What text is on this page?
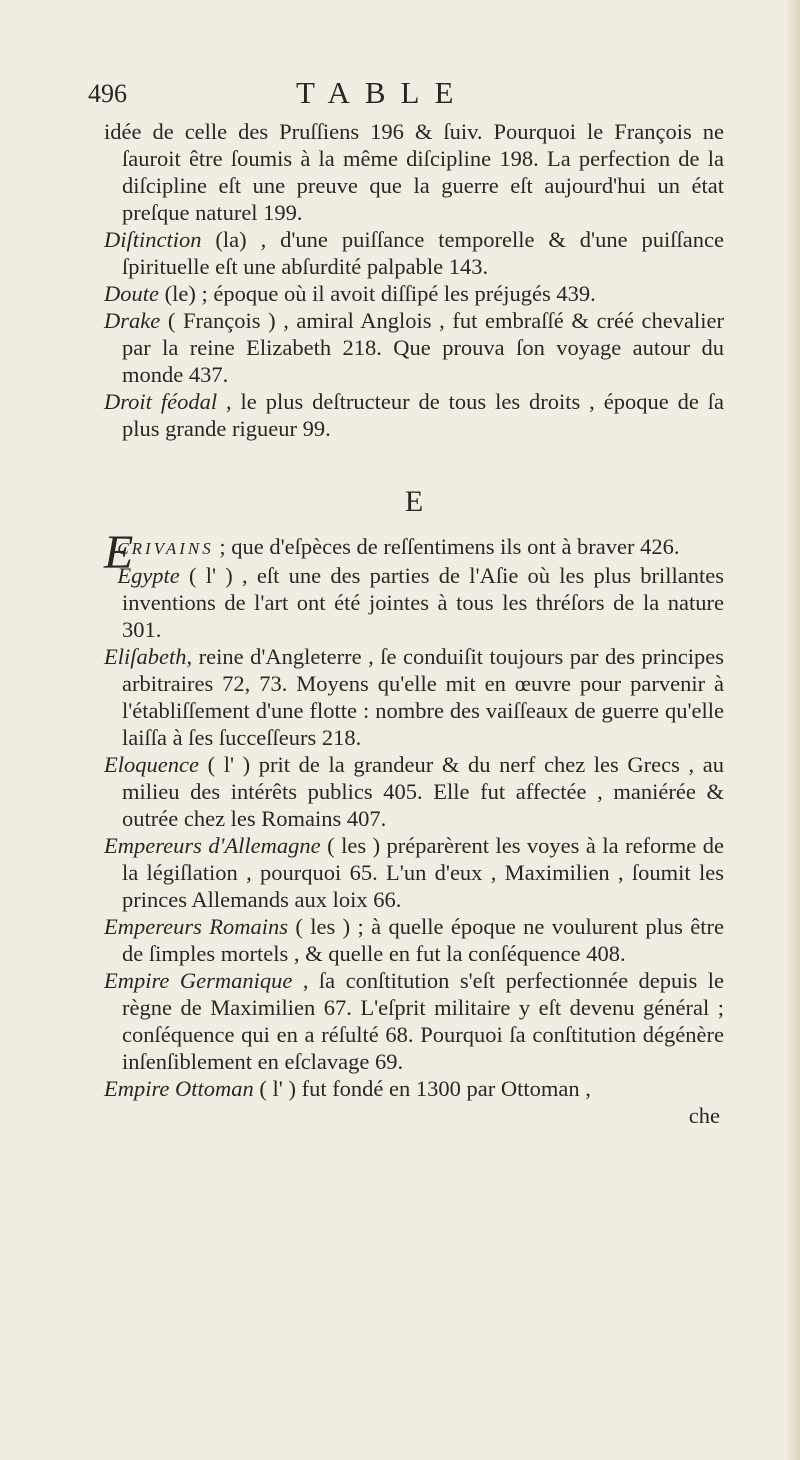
496	TABLE
idée de celle des Pruſſiens 196 & ſuiv. Pourquoi le François ne ſauroit être ſoumis à la même diſcipline 198. La perfection de la diſcipline eſt une preuve que la guerre eſt aujourd'hui un état preſque naturel 199.
Diſtinction (la) , d'une puiſſance temporelle & d'une puiſſance ſpirituelle eſt une abſurdité palpable 143.
Doute (le) ; époque où il avoit diſſipé les préjugés 439.
Drake ( François ) , amiral Anglois , fut embraſſé & créé chevalier par la reine Elizabeth 218. Que prouva ſon voyage autour du monde 437.
Droit féodal , le plus deſtructeur de tous les droits , époque de ſa plus grande rigueur 99.
E
E
CRIVAINS ; que d'eſpèces de reſſentimens ils ont à braver 426.
Egypte ( l' ) , eſt une des parties de l'Aſie où les plus brillantes inventions de l'art ont été jointes à tous les thréſors de la nature 301.
Eliſabeth, reine d'Angleterre , ſe conduiſit toujours par des principes arbitraires 72, 73. Moyens qu'elle mit en œuvre pour parvenir à l'établiſſement d'une flotte : nombre des vaiſſeaux de guerre qu'elle laiſſa à ſes ſucceſſeurs 218.
Eloquence ( l' ) prit de la grandeur & du nerf chez les Grecs , au milieu des intérêts publics 405. Elle fut affectée , maniérée & outrée chez les Romains 407.
Empereurs d'Allemagne ( les ) préparèrent les voyes à la reforme de la légiſlation , pourquoi 65. L'un d'eux , Maximilien , ſoumit les princes Allemands aux loix 66.
Empereurs Romains ( les ) ; à quelle époque ne voulurent plus être de ſimples mortels , & quelle en fut la conſéquence 408.
Empire Germanique , ſa conſtitution s'eſt perfectionnée depuis le règne de Maximilien 67. L'eſprit militaire y eſt devenu général ; conſéquence qui en a réſulté 68. Pourquoi ſa conſtitution dégénère inſenſiblement en eſclavage 69.
Empire Ottoman ( l' ) fut fondé en 1300 par Ottoman ,
che
